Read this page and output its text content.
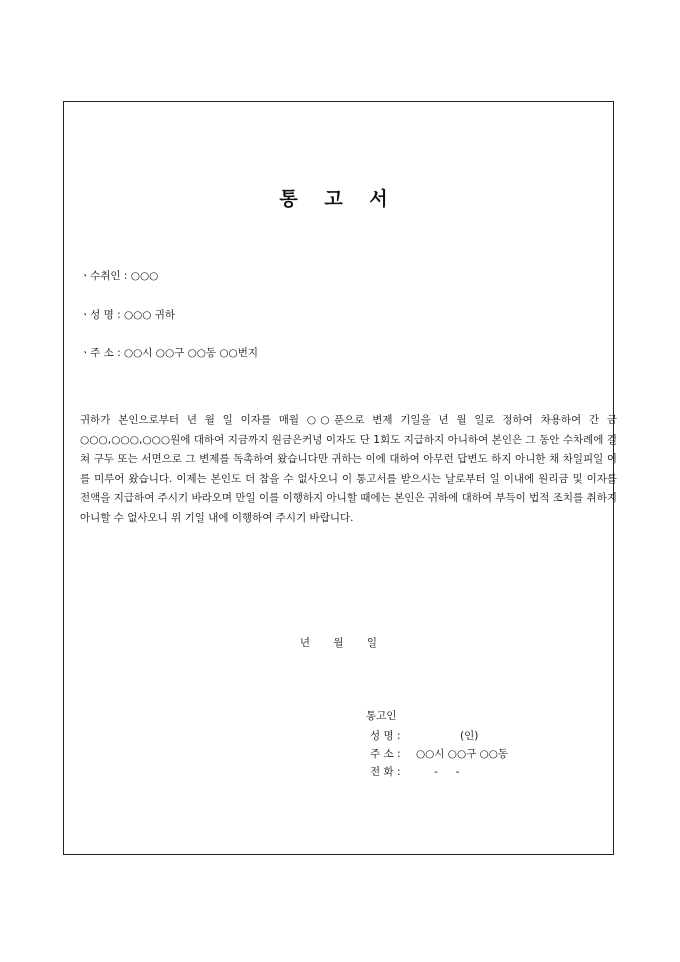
통 고 서
ㆍ수취인 : ○○○
ㆍ성 명 : ○○○ 귀하
ㆍ주 소 : ○○시 ○○구 ○○동 ○○번지
귀하가 본인으로부터 년 월 일 이자를 매월 ○○푼으로 변제 기일을 년 월 일로 정하여 차용하여 간 금 ○○○,○○○,○○○원에 대하여 지금까지 원금은커녕 이자도 단 1회도 지급하지 아니하여 본인은 그 동안 수차례에 걸쳐 구두 또는 서면으로 그 변제를 독촉하여 왔습니다만 귀하는 이에 대하여 아무런 답변도 하지 아니한 채 차일피일 이를 미루어 왔습니다. 이제는 본인도 더 참을 수 없사오니 이 통고서를 받으시는 날로부터 일 이내에 원리금 및 이자를 전액을 지급하여 주시기 바라오며 만일 이를 이행하지 아니할 때에는 본인은 귀하에 대하여 부득이 법적 조치를 취하지 아니할 수 없사오니 위 기일 내에 이행하여 주시기 바랍니다.
년 월 일
통고인
성 명 :	(인)
주 소 : ○○시 ○○구 ○○동
전 화 :	- -
